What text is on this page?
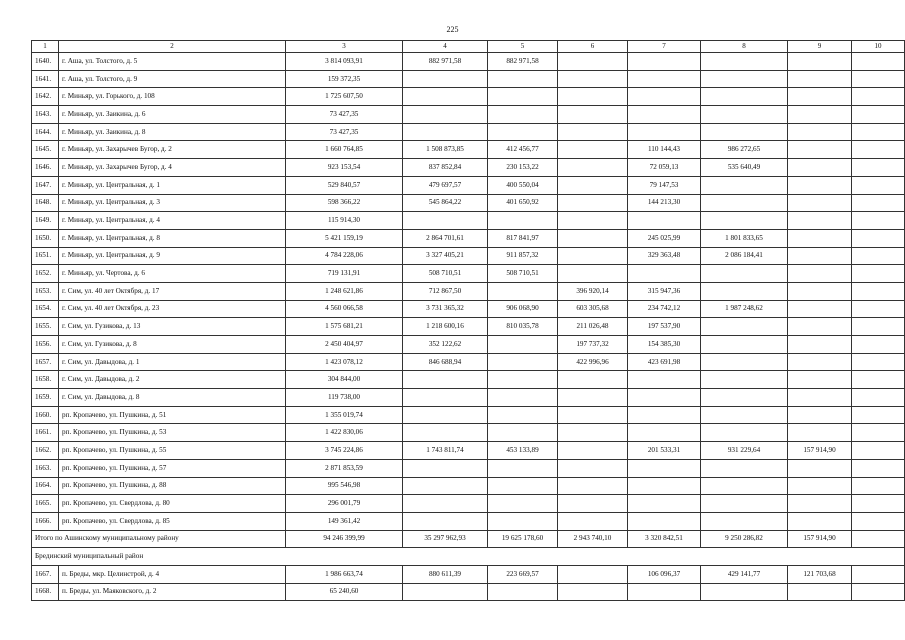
225
1	2	3	4	5	6	7	8	9	10
1640.	г. Аша, ул. Толстого, д. 5	3 814 093,91	882 971,58	882 971,58					
1641.	г. Аша, ул. Толстого, д. 9	159 372,35							
1642.	г. Миньяр, ул. Горького, д. 108	1 725 607,50							
1643.	г. Миньяр, ул. Заикина, д. 6	73 427,35							
1644.	г. Миньяр, ул. Заикина, д. 8	73 427,35							
1645.	г. Миньяр, ул. Захарычев Бугор, д. 2	1 660 764,85	1 508 873,85	412 456,77		110 144,43	986 272,65		
1646.	г. Миньяр, ул. Захарычев Бугор, д. 4	923 153,54	837 852,84	230 153,22		72 059,13	535 640,49		
1647.	г. Миньяр, ул. Центральная, д. 1	529 840,57	479 697,57	400 550,04		79 147,53			
1648.	г. Миньяр, ул. Центральная, д. 3	598 366,22	545 864,22	401 650,92		144 213,30			
1649.	г. Миньяр, ул. Центральная, д. 4	115 914,30							
1650.	г. Миньяр, ул. Центральная, д. 8	5 421 159,19	2 864 701,61	817 841,97		245 025,99	1 801 833,65		
1651.	г. Миньяр, ул. Центральная, д. 9	4 784 228,06	3 327 405,21	911 857,32		329 363,48	2 086 184,41		
1652.	г. Миньяр, ул. Чертова, д. 6	719 131,91	508 710,51	508 710,51					
1653.	г. Сим, ул. 40 лет Октября, д. 17	1 248 621,86	712 867,50		396 920,14	315 947,36			
1654.	г. Сим, ул. 40 лет Октября, д. 23	4 560 066,58	3 731 365,32	906 068,90	603 305,68	234 742,12	1 987 248,62		
1655.	г. Сим, ул. Гузикова, д. 13	1 575 681,21	1 218 600,16	810 035,78	211 026,48	197 537,90			
1656.	г. Сим, ул. Гузикова, д. 8	2 450 404,97	352 122,62		197 737,32	154 385,30			
1657.	г. Сим, ул. Давыдова, д. 1	1 423 078,12	846 688,94		422 996,96	423 691,98			
1658.	г. Сим, ул. Давыдова, д. 2	304 844,00							
1659.	г. Сим, ул. Давыдова, д. 8	119 738,00							
1660.	рп. Кропачево, ул. Пушкина, д. 51	1 355 019,74							
1661.	рп. Кропачево, ул. Пушкина, д. 53	1 422 830,06							
1662.	рп. Кропачево, ул. Пушкина, д. 55	3 745 224,86	1 743 811,74	453 133,89		201 533,31	931 229,64	157 914,90	
1663.	рп. Кропачево, ул. Пушкина, д. 57	2 871 853,59							
1664.	рп. Кропачево, ул. Пушкина, д. 88	995 546,98							
1665.	рп. Кропачево, ул. Свердлова, д. 80	296 001,79							
1666.	рп. Кропачево, ул. Свердлова, д. 85	149 361,42							
Итого по Ашинскому муниципальному району		94 246 399,99	35 297 962,93	19 625 178,60	2 943 740,10	3 320 842,51	9 250 286,82	157 914,90	
Брединский муниципальный район									
1667.	п. Бреды, мкр. Целинстрой, д. 4	1 986 663,74	880 611,39	223 669,57		106 096,37	429 141,77	121 703,68	
1668.	п. Бреды, ул. Маяковского, д. 2	65 240,60							
